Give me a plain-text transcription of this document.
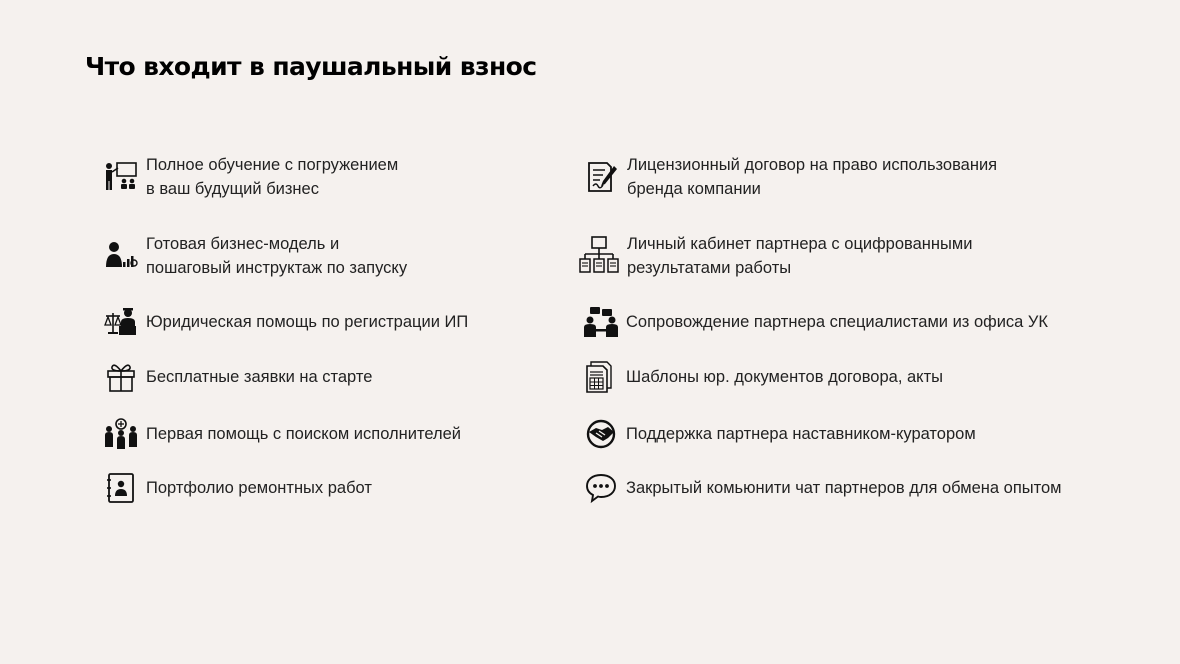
Что входит в паушальный взнос
Полное обучение с погружением
в ваш будущий бизнес
Готовая бизнес-модель и
пошаговый инструктаж по запуску
Юридическая помощь по регистрации ИП
Бесплатные заявки на старте
Первая помощь с поиском исполнителей
Портфолио ремонтных работ
Лицензионный договор на право использования
бренда компании
Личный кабинет партнера с оцифрованными
результатами работы
Сопровождение партнера специалистами из офиса УК
Шаблоны юр. документов договора, акты
Поддержка партнера наставником-куратором
Закрытый комьюнити чат партнеров для обмена опытом
